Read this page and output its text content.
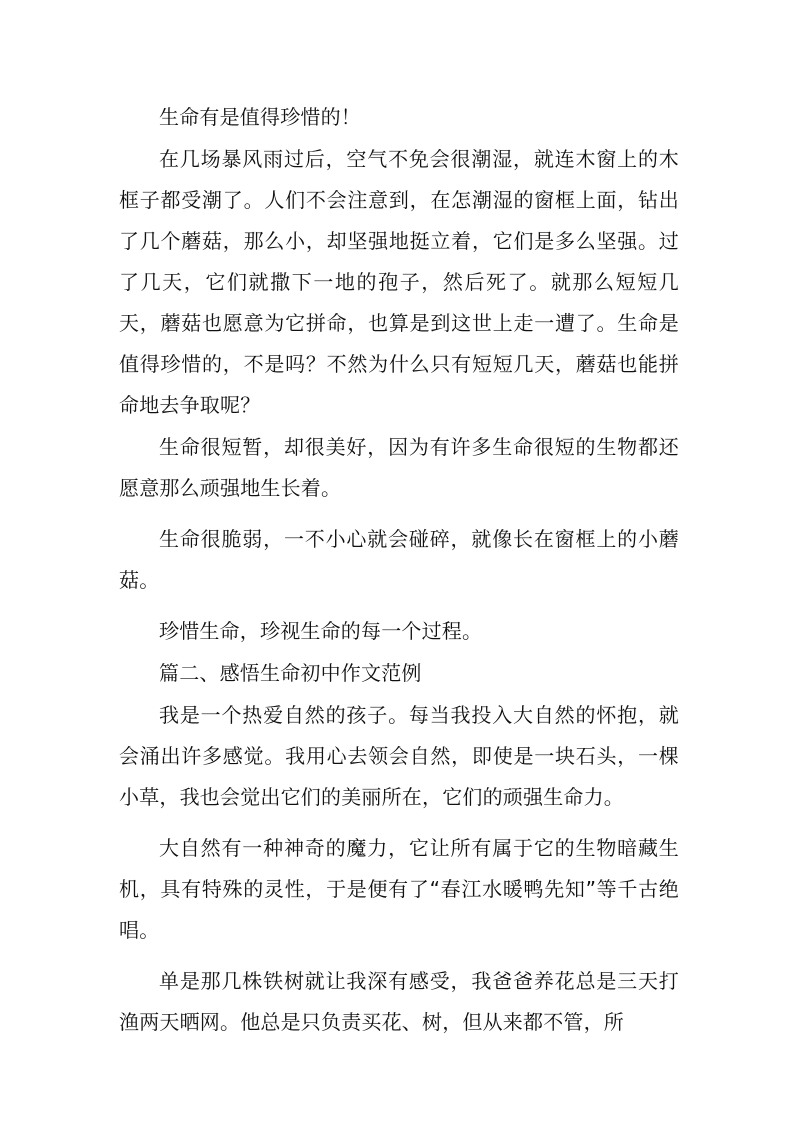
生命有是值得珍惜的！

在几场暴风雨过后，空气不免会很潮湿，就连木窗上的木框子都受潮了。人们不会注意到，在怎潮湿的窗框上面，钻出了几个蘑菇，那么小，却坚强地挺立着，它们是多么坚强。过了几天，它们就撒下一地的孢子，然后死了。就那么短短几天，蘑菇也愿意为它拼命，也算是到这世上走一遭了。生命是值得珍惜的，不是吗？不然为什么只有短短几天，蘑菇也能拼命地去争取呢？

生命很短暂，却很美好，因为有许多生命很短的生物都还愿意那么顽强地生长着。

生命很脆弱，一不小心就会碰碎，就像长在窗框上的小蘑菇。

珍惜生命，珍视生命的每一个过程。

篇二、感悟生命初中作文范例

我是一个热爱自然的孩子。每当我投入大自然的怀抱，就会涌出许多感觉。我用心去领会自然，即使是一块石头，一棵小草，我也会觉出它们的美丽所在，它们的顽强生命力。

大自然有一种神奇的魔力，它让所有属于它的生物暗藏生机，具有特殊的灵性，于是便有了“春江水暖鸭先知”等千古绝唱。

单是那几株铁树就让我深有感受，我爸爸养花总是三天打渔两天晒网。他总是只负责买花、树，但从来都不管，所
